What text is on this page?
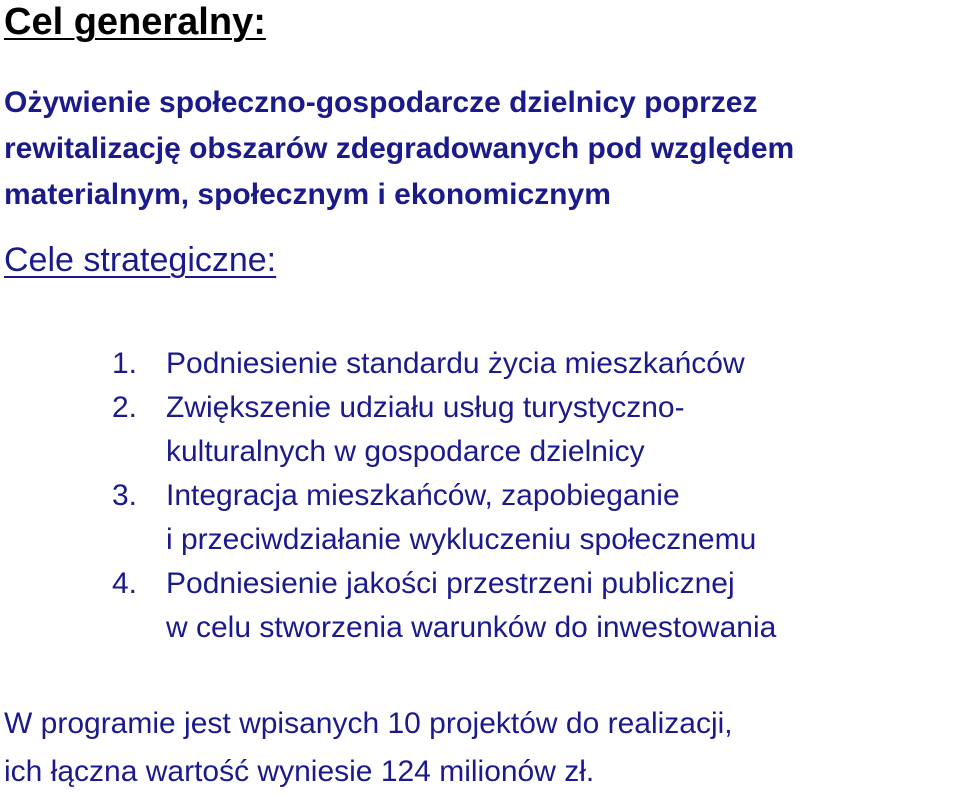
Cel generalny:

Ożywienie społeczno-gospodarcze dzielnicy poprzez
rewitalizację obszarów zdegradowanych pod względem
materialnym, społecznym i ekonomicznym

Cele strategiczne:
1. Podniesienie standardu życia mieszkańców
2. Zwiększenie udziału usług turystyczno-
kulturalnych w gospodarce dzielnicy
3. Integracja mieszkańców, zapobieganie
i przeciwdziałanie wykluczeniu społecznemu
4. Podniesienie jakości przestrzeni publicznej
w celu stworzenia warunków do inwestowania

W programie jest wpisanych 10 projektów do realizacji,
ich łączna wartość wyniesie 124 milionów zł.
